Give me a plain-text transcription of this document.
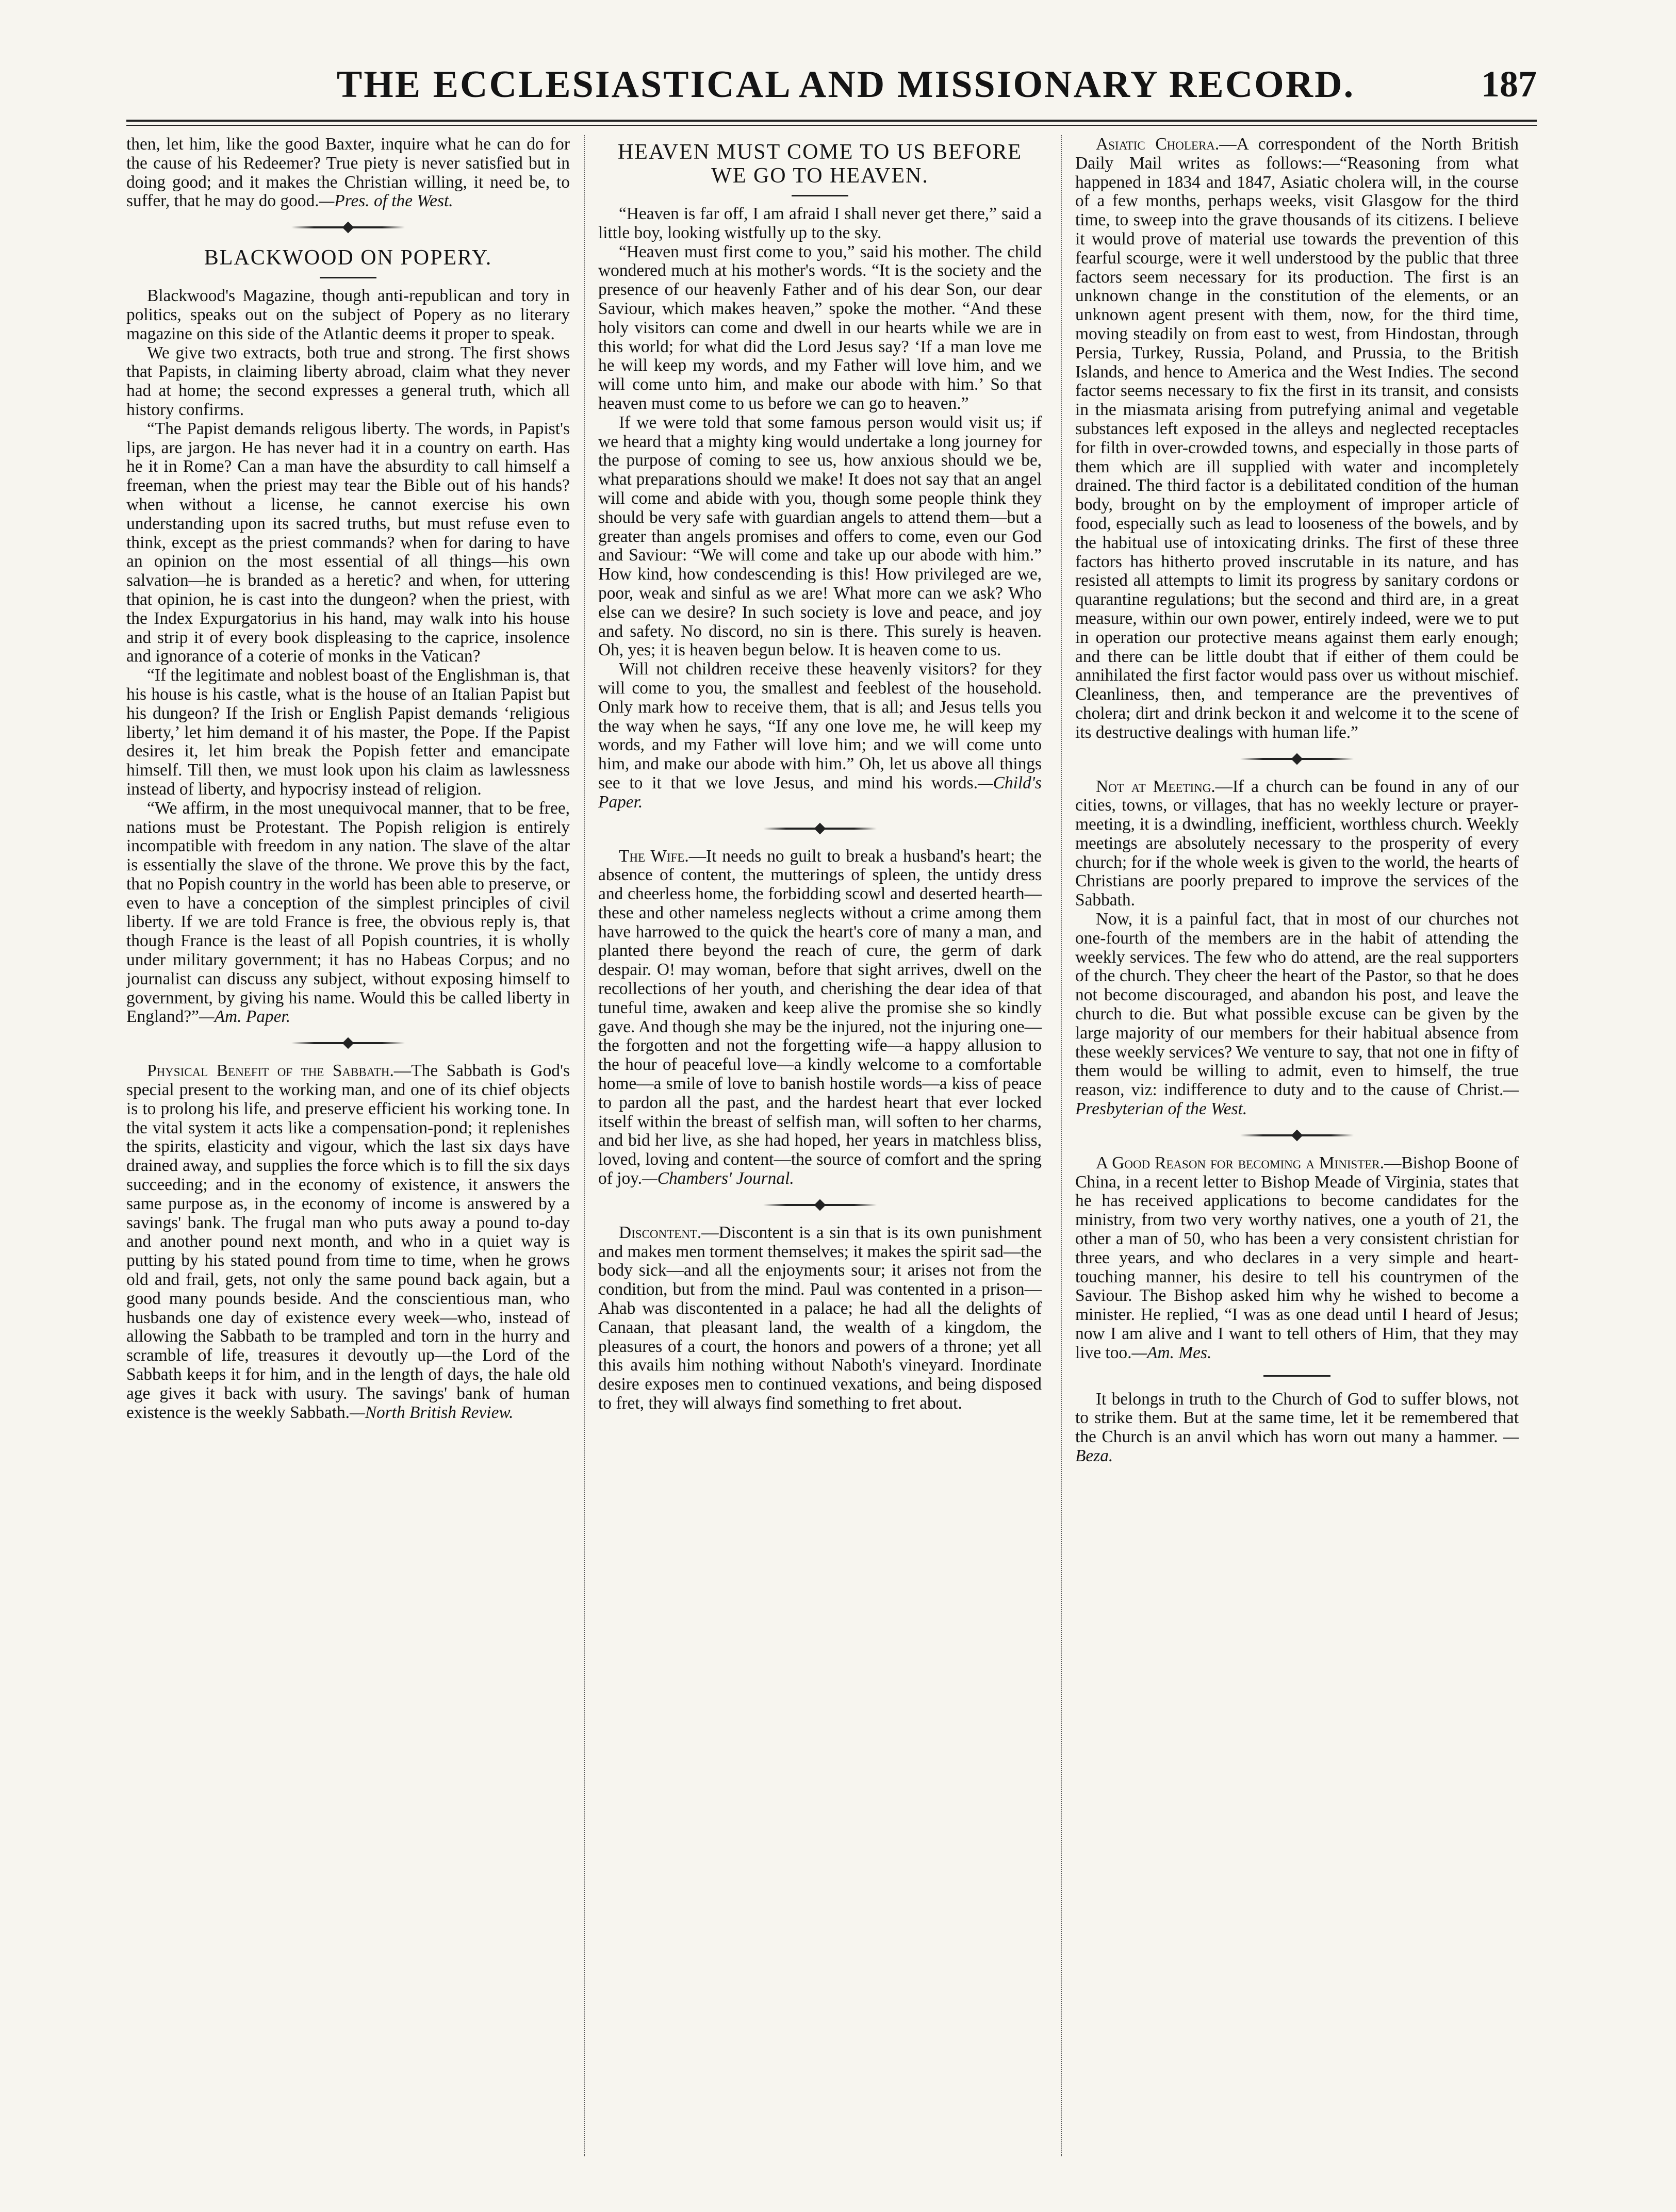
THE ECCLESIASTICAL AND MISSIONARY RECORD.	187

then, let him, like the good Baxter, inquire what he can do for the cause of his Redeemer? True piety is never satisfied but in doing good; and it makes the Christian willing, it need be, to suffer, that he may do good.—Pres. of the West.

BLACKWOOD ON POPERY.

Blackwood's Magazine, though anti-republican and tory in politics, speaks out on the subject of Popery as no literary magazine on this side of the Atlantic deems it proper to speak.

We give two extracts, both true and strong. The first shows that Papists, in claiming liberty abroad, claim what they never had at home; the second expresses a general truth, which all history confirms.

“The Papist demands religous liberty. The words, in Papist's lips, are jargon. He has never had it in a country on earth. Has he it in Rome? Can a man have the absurdity to call himself a freeman, when the priest may tear the Bible out of his hands? when without a license, he cannot exercise his own understanding upon its sacred truths, but must refuse even to think, except as the priest commands? when for daring to have an opinion on the most essential of all things—his own salvation—he is branded as a heretic? and when, for uttering that opinion, he is cast into the dungeon? when the priest, with the Index Expurgatorius in his hand, may walk into his house and strip it of every book displeasing to the caprice, insolence and ignorance of a coterie of monks in the Vatican?

“If the legitimate and noblest boast of the Englishman is, that his house is his castle, what is the house of an Italian Papist but his dungeon? If the Irish or English Papist demands ‘religious liberty,’ let him demand it of his master, the Pope. If the Papist desires it, let him break the Popish fetter and emancipate himself. Till then, we must look upon his claim as lawlessness instead of liberty, and hypocrisy instead of religion.

“We affirm, in the most unequivocal manner, that to be free, nations must be Protestant. The Popish religion is entirely incompatible with freedom in any nation. The slave of the altar is essentially the slave of the throne. We prove this by the fact, that no Popish country in the world has been able to preserve, or even to have a conception of the simplest principles of civil liberty. If we are told France is free, the obvious reply is, that though France is the least of all Popish countries, it is wholly under military government; it has no Habeas Corpus; and no journalist can discuss any subject, without exposing himself to government, by giving his name. Would this be called liberty in England?”—Am. Paper.

Physical Benefit of the Sabbath.—The Sabbath is God's special present to the working man, and one of its chief objects is to prolong his life, and preserve efficient his working tone. In the vital system it acts like a compensation-pond; it replenishes the spirits, elasticity and vigour, which the last six days have drained away, and supplies the force which is to fill the six days succeeding; and in the economy of existence, it answers the same purpose as, in the economy of income is answered by a savings' bank. The frugal man who puts away a pound to-day and another pound next month, and who in a quiet way is putting by his stated pound from time to time, when he grows old and frail, gets, not only the same pound back again, but a good many pounds beside. And the conscientious man, who husbands one day of existence every week—who, instead of allowing the Sabbath to be trampled and torn in the hurry and scramble of life, treasures it devoutly up—the Lord of the Sabbath keeps it for him, and in the length of days, the hale old age gives it back with usury. The savings' bank of human existence is the weekly Sabbath.—North British Review.

HEAVEN MUST COME TO US BEFORE WE GO TO HEAVEN.

“Heaven is far off, I am afraid I shall never get there,” said a little boy, looking wistfully up to the sky.

“Heaven must first come to you,” said his mother. The child wondered much at his mother's words. “It is the society and the presence of our heavenly Father and of his dear Son, our dear Saviour, which makes heaven,” spoke the mother. “And these holy visitors can come and dwell in our hearts while we are in this world; for what did the Lord Jesus say? ‘If a man love me he will keep my words, and my Father will love him, and we will come unto him, and make our abode with him.’ So that heaven must come to us before we can go to heaven.”

If we were told that some famous person would visit us; if we heard that a mighty king would undertake a long journey for the purpose of coming to see us, how anxious should we be, what preparations should we make! It does not say that an angel will come and abide with you, though some people think they should be very safe with guardian angels to attend them—but a greater than angels promises and offers to come, even our God and Saviour: “We will come and take up our abode with him.” How kind, how condescending is this! How privileged are we, poor, weak and sinful as we are! What more can we ask? Who else can we desire? In such society is love and peace, and joy and safety. No discord, no sin is there. This surely is heaven. Oh, yes; it is heaven begun below. It is heaven come to us.

Will not children receive these heavenly visitors? for they will come to you, the smallest and feeblest of the household. Only mark how to receive them, that is all; and Jesus tells you the way when he says, “If any one love me, he will keep my words, and my Father will love him; and we will come unto him, and make our abode with him.” Oh, let us above all things see to it that we love Jesus, and mind his words.—Child's Paper.

The Wife.—It needs no guilt to break a husband's heart; the absence of content, the mutterings of spleen, the untidy dress and cheerless home, the forbidding scowl and deserted hearth—these and other nameless neglects without a crime among them have harrowed to the quick the heart's core of many a man, and planted there beyond the reach of cure, the germ of dark despair. O! may woman, before that sight arrives, dwell on the recollections of her youth, and cherishing the dear idea of that tuneful time, awaken and keep alive the promise she so kindly gave. And though she may be the injured, not the injuring one—the forgotten and not the forgetting wife—a happy allusion to the hour of peaceful love—a kindly welcome to a comfortable home—a smile of love to banish hostile words—a kiss of peace to pardon all the past, and the hardest heart that ever locked itself within the breast of selfish man, will soften to her charms, and bid her live, as she had hoped, her years in matchless bliss, loved, loving and content—the source of comfort and the spring of joy.—Chambers' Journal.

Discontent.—Discontent is a sin that is its own punishment and makes men torment themselves; it makes the spirit sad—the body sick—and all the enjoyments sour; it arises not from the condition, but from the mind. Paul was contented in a prison—Ahab was discontented in a palace; he had all the delights of Canaan, that pleasant land, the wealth of a kingdom, the pleasures of a court, the honors and powers of a throne; yet all this avails him nothing without Naboth's vineyard. Inordinate desire exposes men to continued vexations, and being disposed to fret, they will always find something to fret about.

Asiatic Cholera.—A correspondent of the North British Daily Mail writes as follows:—“Reasoning from what happened in 1834 and 1847, Asiatic cholera will, in the course of a few months, perhaps weeks, visit Glasgow for the third time, to sweep into the grave thousands of its citizens. I believe it would prove of material use towards the prevention of this fearful scourge, were it well understood by the public that three factors seem necessary for its production. The first is an unknown change in the constitution of the elements, or an unknown agent present with them, now, for the third time, moving steadily on from east to west, from Hindostan, through Persia, Turkey, Russia, Poland, and Prussia, to the British Islands, and hence to America and the West Indies. The second factor seems necessary to fix the first in its transit, and consists in the miasmata arising from putrefying animal and vegetable substances left exposed in the alleys and neglected receptacles for filth in over-crowded towns, and especially in those parts of them which are ill supplied with water and incompletely drained. The third factor is a debilitated condition of the human body, brought on by the employment of improper article of food, especially such as lead to looseness of the bowels, and by the habitual use of intoxicating drinks. The first of these three factors has hitherto proved inscrutable in its nature, and has resisted all attempts to limit its progress by sanitary cordons or quarantine regulations; but the second and third are, in a great measure, within our own power, entirely indeed, were we to put in operation our protective means against them early enough; and there can be little doubt that if either of them could be annihilated the first factor would pass over us without mischief. Cleanliness, then, and temperance are the preventives of cholera; dirt and drink beckon it and welcome it to the scene of its destructive dealings with human life.”

Not at Meeting.—If a church can be found in any of our cities, towns, or villages, that has no weekly lecture or prayer-meeting, it is a dwindling, inefficient, worthless church. Weekly meetings are absolutely necessary to the prosperity of every church; for if the whole week is given to the world, the hearts of Christians are poorly prepared to improve the services of the Sabbath.

Now, it is a painful fact, that in most of our churches not one-fourth of the members are in the habit of attending the weekly services. The few who do attend, are the real supporters of the church. They cheer the heart of the Pastor, so that he does not become discouraged, and abandon his post, and leave the church to die. But what possible excuse can be given by the large majority of our members for their habitual absence from these weekly services? We venture to say, that not one in fifty of them would be willing to admit, even to himself, the true reason, viz: indifference to duty and to the cause of Christ.—Presbyterian of the West.

A Good Reason for becoming a Minister.—Bishop Boone of China, in a recent letter to Bishop Meade of Virginia, states that he has received applications to become candidates for the ministry, from two very worthy natives, one a youth of 21, the other a man of 50, who has been a very consistent christian for three years, and who declares in a very simple and heart-touching manner, his desire to tell his countrymen of the Saviour. The Bishop asked him why he wished to become a minister. He replied, “I was as one dead until I heard of Jesus; now I am alive and I want to tell others of Him, that they may live too.—Am. Mes.

It belongs in truth to the Church of God to suffer blows, not to strike them. But at the same time, let it be remembered that the Church is an anvil which has worn out many a hammer. —Beza.
